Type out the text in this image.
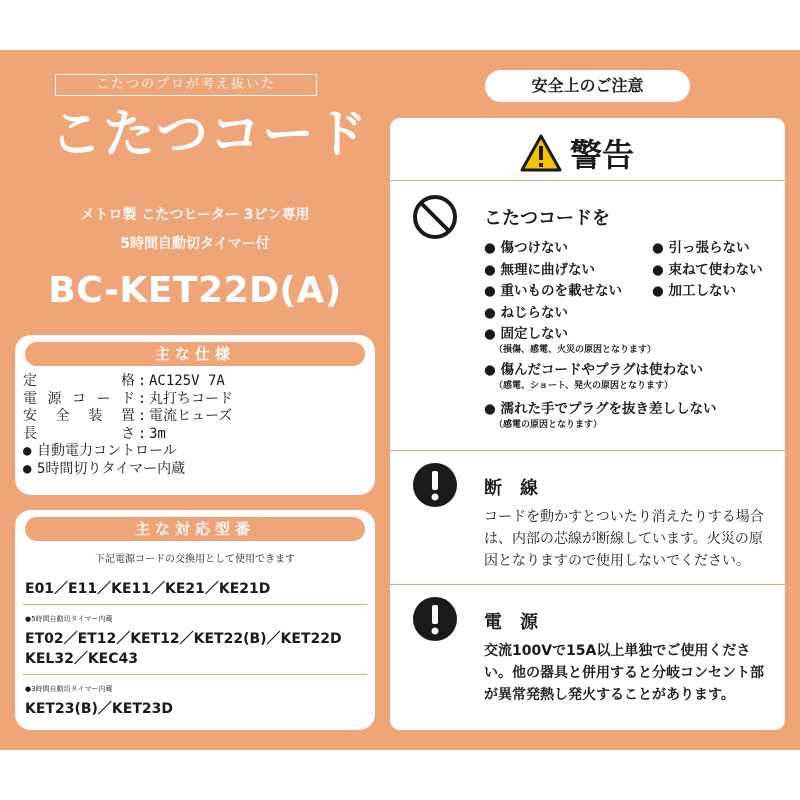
こたつのプロが考え抜いた
こたつコード
メトロ製 こたつヒーター 3ピン専用
5時間自動切タイマー付
BC-KET22D(A)
主な仕様
定格 : AC125V 7A
電源コード : 丸打ちコード
安全装置 : 電流ヒューズ
長さ : 3m
● 自動電力コントロール
● 5時間切りタイマー内蔵
主な対応型番
下記電源コードの交換用として使用できます
E01／E11／KE11／KE21／KE21D
●5時間自動切タイマー内蔵
ET02／ET12／KET12／KET22(B)／KET22D
KEL32／KEC43
●3時間自動切タイマー内蔵
KET23(B)／KET23D
安全上のご注意
警告
こたつコードを
● 傷つけない
● 無理に曲げない
● 重いものを載せない
● ねじらない
● 固定しない
● 引っ張らない
● 束ねて使わない
● 加工しない
（損傷、感電、火災の原因となります）
● 傷んだコードやプラグは使わない
（感電、ショート、発火の原因となります）
● 濡れた手でプラグを抜き差ししない
（感電の原因となります）
断　線
コードを動かすとついたり消えたりする場合は、内部の芯線が断線しています。火災の原因となりますので使用しないでください。
電　源
交流100Vで15A以上単独でご使用ください。他の器具と併用すると分岐コンセント部が異常発熱し発火することがあります。
